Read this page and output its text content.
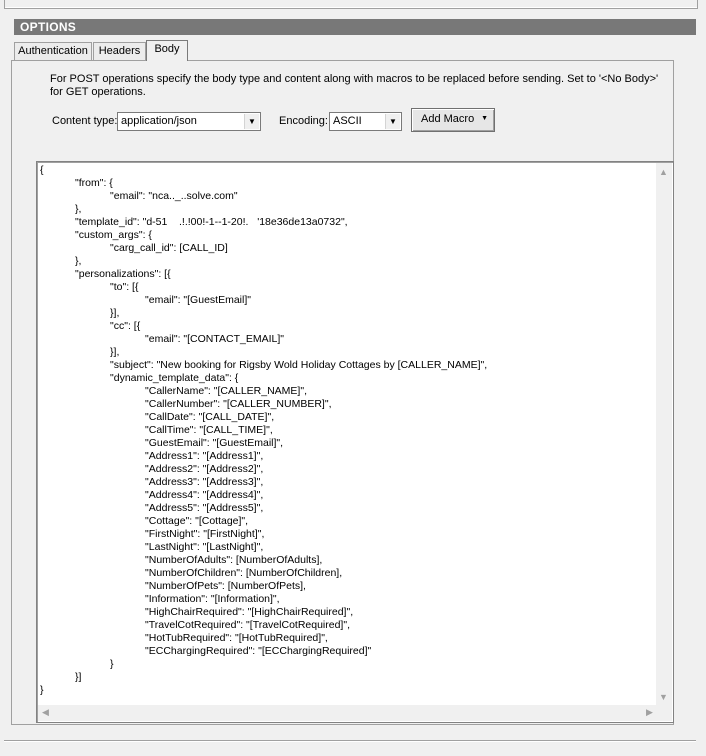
OPTIONS
Authentication Headers	Body
For POST operations specify the body type and content along with macros to be replaced before sending. Set to '<No Body>' for GET operations.
Content type: application/json	▼ Encoding: ASCII	▼	Add Macro ▼
{
		"from": {
				"email": "nca.._..solve.com"
		},
		"template_id": "d-51    .!.!00!-1--1-20!.   '18e36de13a0732",
		"custom_args": {
				"carg_call_id": [CALL_ID]
		},
		"personalizations": [{
				"to": [{
						"email": "[GuestEmail]"
				}],
				"cc": [{
						"email": "[CONTACT_EMAIL]"
				}],
				"subject": "New booking for Rigsby Wold Holiday Cottages by [CALLER_NAME]",
				"dynamic_template_data": {
						"CallerName": "[CALLER_NAME]",
						"CallerNumber": "[CALLER_NUMBER]",
						"CallDate": "[CALL_DATE]",
						"CallTime": "[CALL_TIME]",
						"GuestEmail": "[GuestEmail]",
						"Address1": "[Address1]",
						"Address2": "[Address2]",
						"Address3": "[Address3]",
						"Address4": "[Address4]",
						"Address5": "[Address5]",
						"Cottage": "[Cottage]",
						"FirstNight": "[FirstNight]",
						"LastNight": "[LastNight]",
						"NumberOfAdults": [NumberOfAdults],
						"NumberOfChildren": [NumberOfChildren],
						"NumberOfPets": [NumberOfPets],
						"Information": "[Information]",
						"HighChairRequired": "[HighChairRequired]",
						"TravelCotRequired": "[TravelCotRequired]",
						"HotTubRequired": "[HotTubRequired]",
						"ECChargingRequired": "[ECChargingRequired]"
				}
		}]
}
▲
▼
◀	▶
